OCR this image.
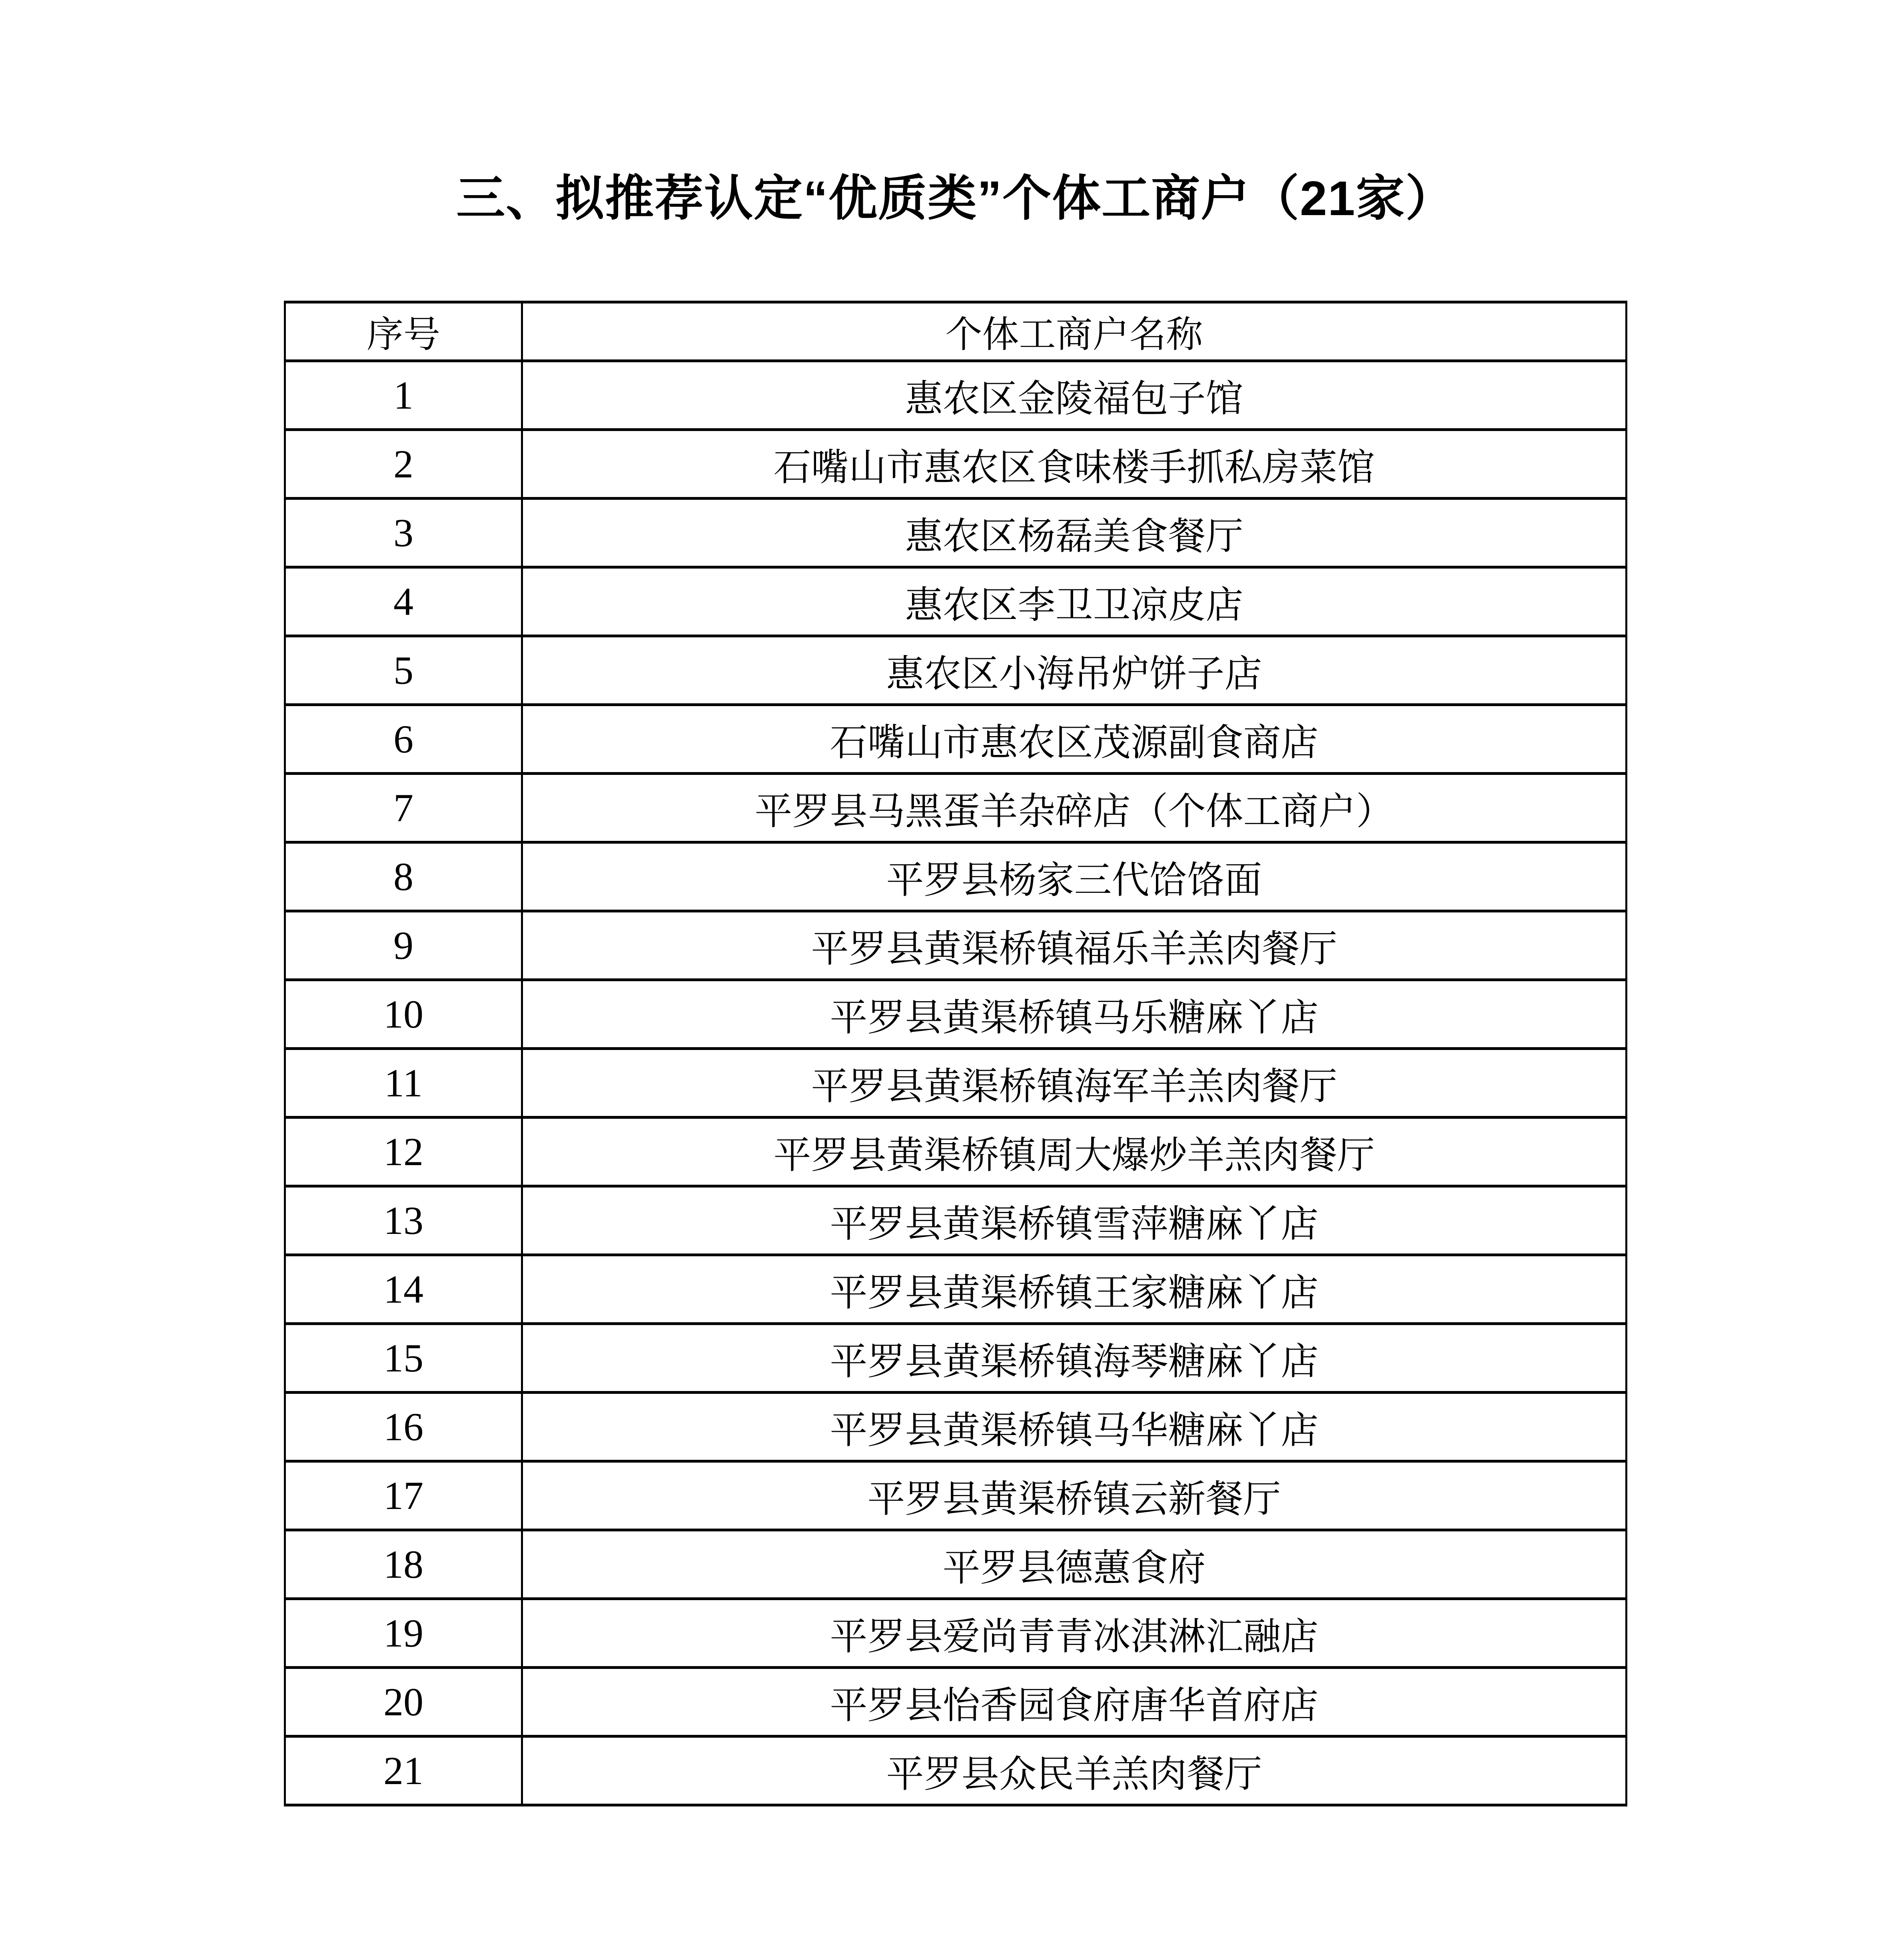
三、拟推荐认定“优质类”个体工商户（21家）
序号	个体工商户名称
1	惠农区金陵福包子馆
2	石嘴山市惠农区食味楼手抓私房菜馆
3	惠农区杨磊美食餐厅
4	惠农区李卫卫凉皮店
5	惠农区小海吊炉饼子店
6	石嘴山市惠农区茂源副食商店
7	平罗县马黑蛋羊杂碎店（个体工商户）
8	平罗县杨家三代饸饹面
9	平罗县黄渠桥镇福乐羊羔肉餐厅
10	平罗县黄渠桥镇马乐糖麻丫店
11	平罗县黄渠桥镇海军羊羔肉餐厅
12	平罗县黄渠桥镇周大爆炒羊羔肉餐厅
13	平罗县黄渠桥镇雪萍糖麻丫店
14	平罗县黄渠桥镇王家糖麻丫店
15	平罗县黄渠桥镇海琴糖麻丫店
16	平罗县黄渠桥镇马华糖麻丫店
17	平罗县黄渠桥镇云新餐厅
18	平罗县德蕙食府
19	平罗县爱尚青青冰淇淋汇融店
20	平罗县怡香园食府唐华首府店
21	平罗县众民羊羔肉餐厅
